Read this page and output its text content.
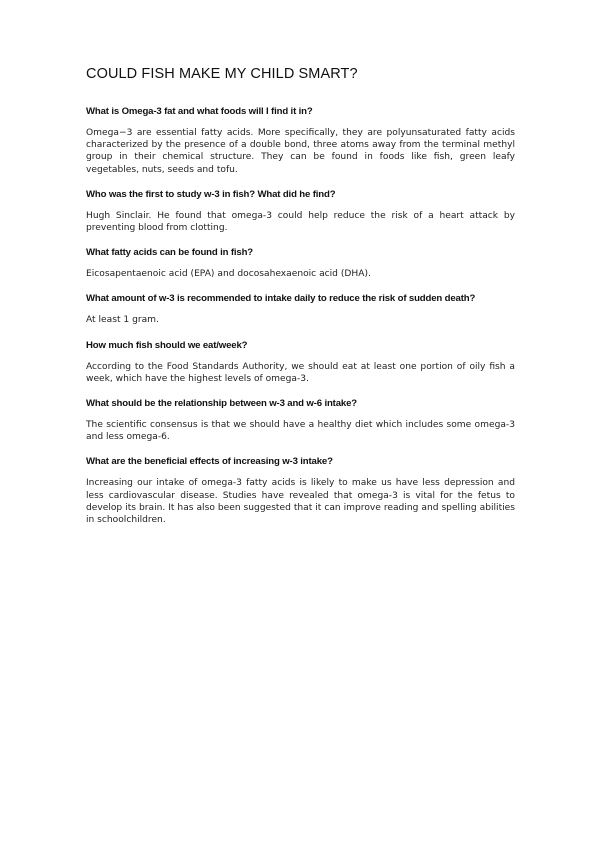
COULD FISH MAKE MY CHILD SMART?

What is Omega-3 fat and what foods will I find it in?

Omega−3 are essential fatty acids. More specifically, they are polyunsaturated fatty acids characterized by the presence of a double bond, three atoms away from the terminal methyl group in their chemical structure. They can be found in foods like fish, green leafy vegetables, nuts, seeds and tofu.

Who was the first to study w-3 in fish? What did he find?

Hugh Sinclair. He found that omega-3 could help reduce the risk of a heart attack by preventing blood from clotting.

What fatty acids can be found in fish?

Eicosapentaenoic acid (EPA) and docosahexaenoic acid (DHA).

What amount of w-3 is recommended to intake daily to reduce the risk of sudden death?

At least 1 gram.

How much fish should we eat/week?

According to the Food Standards Authority, we should eat at least one portion of oily fish a week, which have the highest levels of omega-3.

What should be the relationship between w-3 and w-6 intake?

The scientific consensus is that we should have a healthy diet which includes some omega-3 and less omega-6.

What are the beneficial effects of increasing w-3 intake?

Increasing our intake of omega-3 fatty acids is likely to make us have less depression and less cardiovascular disease. Studies have revealed that omega-3 is vital for the fetus to develop its brain. It has also been suggested that it can improve reading and spelling abilities in schoolchildren.
